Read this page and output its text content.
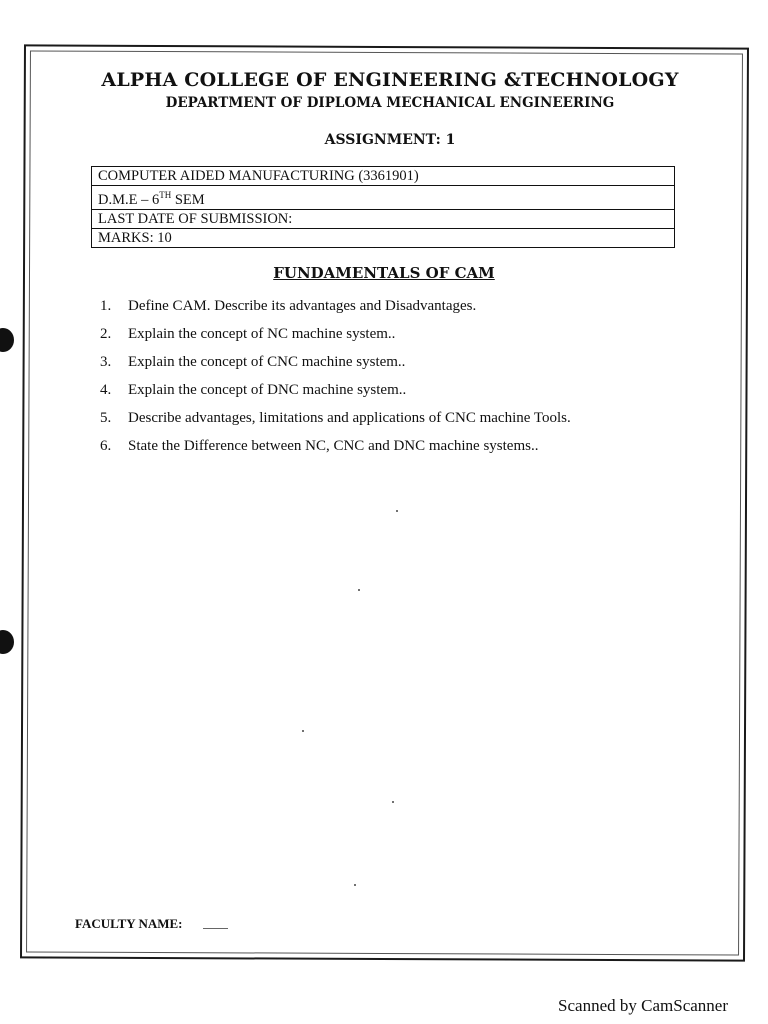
ALPHA COLLEGE OF ENGINEERING &TECHNOLOGY
DEPARTMENT OF DIPLOMA MECHANICAL ENGINEERING
ASSIGNMENT: 1
COMPUTER AIDED MANUFACTURING (3361901)
D.M.E – 6TH SEM
LAST DATE OF SUBMISSION:
MARKS: 10
FUNDAMENTALS OF CAM
1. Define CAM. Describe its advantages and Disadvantages.
2. Explain the concept of NC machine system..
3. Explain the concept of CNC machine system..
4. Explain the concept of DNC machine system..
5. Describe advantages, limitations and applications of CNC machine Tools.
6. State the Difference between NC, CNC and DNC machine systems..
FACULTY NAME:
Scanned by CamScanner
